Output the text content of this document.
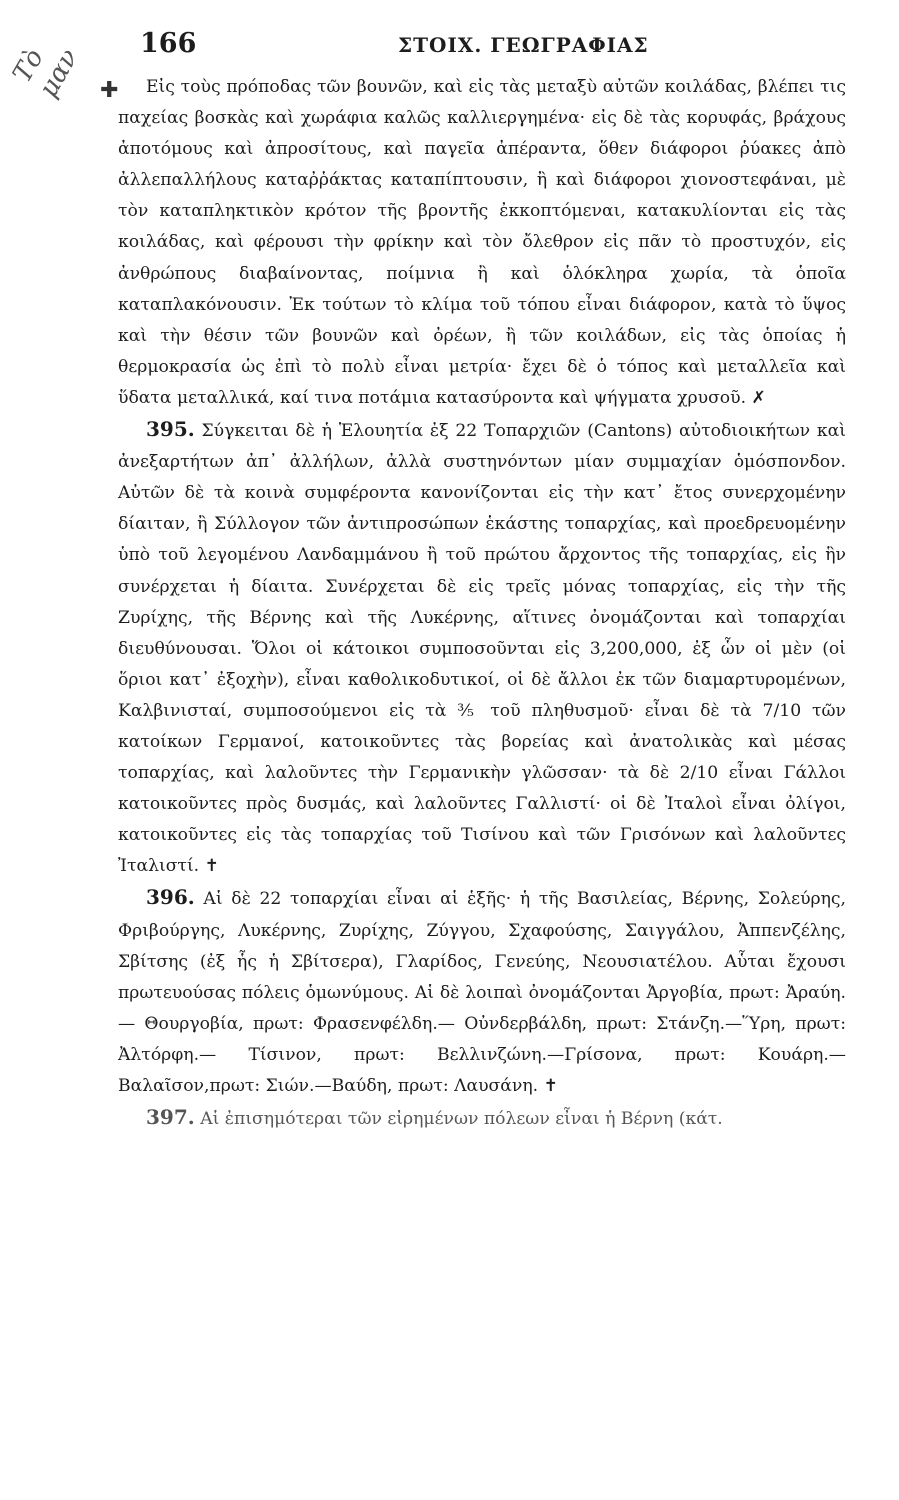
Τὸ μαν ✚
166	ΣΤΟΙΧ. ΓΕΩΓΡΑΦΙΑΣ

Εἰς τοὺς πρόποδας τῶν βουνῶν, καὶ εἰς τὰς μεταξὺ αὐτῶν κοιλάδας, βλέπει τις παχείας βοσκὰς καὶ χωράφια καλῶς καλλιεργημένα· εἰς δὲ τὰς κορυφάς, βράχους ἀποτόμους καὶ ἀπροσίτους, καὶ παγεῖα ἀπέραντα, ὅθεν διάφοροι ῥύακες ἀπὸ ἀλλεπαλλήλους καταῤῥάκτας καταπίπτουσιν, ἢ καὶ διάφοροι χιονοστεφάναι, μὲ τὸν καταπληκτικὸν κρότον τῆς βροντῆς ἐκκοπτόμεναι, κατακυλίονται εἰς τὰς κοιλάδας, καὶ φέρουσι τὴν φρίκην καὶ τὸν ὄλεθρον εἰς πᾶν τὸ προστυχόν, εἰς ἀνθρώπους διαβαίνοντας, ποίμνια ἢ καὶ ὁλόκληρα χωρία, τὰ ὁποῖα καταπλακόνουσιν. Ἐκ τούτων τὸ κλίμα τοῦ τόπου εἶναι διάφορον, κατὰ τὸ ὕψος καὶ τὴν θέσιν τῶν βουνῶν καὶ ὀρέων, ἢ τῶν κοιλάδων, εἰς τὰς ὁποίας ἡ θερμοκρασία ὡς ἐπὶ τὸ πολὺ εἶναι μετρία· ἔχει δὲ ὁ τόπος καὶ μεταλλεῖα καὶ ὕδατα μεταλλικά, καί τινα ποτάμια κατασύροντα καὶ ψήγματα χρυσοῦ. ✗

395. Σύγκειται δὲ ἡ Ἑλουητία ἐξ 22 Τοπαρχιῶν (Cantons) αὐτοδιοικήτων καὶ ἀνεξαρτήτων ἀπ᾽ ἀλλήλων, ἀλλὰ συστηνόντων μίαν συμμαχίαν ὁμόσπονδον. Αὐτῶν δὲ τὰ κοινὰ συμφέροντα κανονίζονται εἰς τὴν κατ᾽ ἔτος συνερχομένην δίαιταν, ἢ Σύλλογον τῶν ἀντιπροσώπων ἑκάστης τοπαρχίας, καὶ προεδρευομένην ὑπὸ τοῦ λεγομένου Λανδαμμάνου ἢ τοῦ πρώτου ἄρχοντος τῆς τοπαρχίας, εἰς ἣν συνέρχεται ἡ δίαιτα. Συνέρχεται δὲ εἰς τρεῖς μόνας τοπαρχίας, εἰς τὴν τῆς Ζυρίχης, τῆς Βέρνης καὶ τῆς Λυκέρνης, αἵτινες ὀνομάζονται καὶ τοπαρχίαι διευθύνουσαι. Ὅλοι οἱ κάτοικοι συμποσοῦνται εἰς 3,200,000, ἐξ ὧν οἱ μὲν (οἱ ὅριοι κατ᾽ ἐξοχὴν), εἶναι καθολικοδυτικοί, οἱ δὲ ἄλλοι ἐκ τῶν διαμαρτυρομένων, Καλβινισταί, συμποσούμενοι εἰς τὰ ⅗ τοῦ πληθυσμοῦ· εἶναι δὲ τὰ 7/10 τῶν κατοίκων Γερμανοί, κατοικοῦντες τὰς βορείας καὶ ἀνατολικὰς καὶ μέσας τοπαρχίας, καὶ λαλοῦντες τὴν Γερμανικὴν γλῶσσαν· τὰ δὲ 2/10 εἶναι Γάλλοι κατοικοῦντες πρὸς δυσμάς, καὶ λαλοῦντες Γαλλιστί· οἱ δὲ Ἰταλοὶ εἶναι ὀλίγοι, κατοικοῦντες εἰς τὰς τοπαρχίας τοῦ Τισίνου καὶ τῶν Γρισόνων καὶ λαλοῦντες Ἰταλιστί. ✝

396. Αἱ δὲ 22 τοπαρχίαι εἶναι αἱ ἑξῆς· ἡ τῆς Βασιλείας, Βέρνης, Σολεύρης, Φριβούργης, Λυκέρνης, Ζυρίχης, Ζύγγου, Σχαφούσης, Σαιγγάλου, Ἀππενζέλης, Σβίτσης (ἐξ ἧς ἡ Σβίτσερα), Γλαρίδος, Γενεύης, Νεουσιατέλου. Αὗται ἔχουσι πρωτευούσας πόλεις ὁμωνύμους. Αἱ δὲ λοιπαὶ ὀνομάζονται Ἀργοβία, πρωτ: Ἀραύη. — Θουργοβία, πρωτ: Φρασενφέλδη.— Οὐνδερβάλδη, πρωτ: Στάνζη.—Ὕρη, πρωτ: Ἀλτόρφη.— Τίσινον, πρωτ: Βελλινζώνη.—Γρίσονα, πρωτ: Κουάρη.—Βαλαῖσον,πρωτ: Σιών.—Βαύδη, πρωτ: Λαυσάνη. ✝

397. Αἱ ἐπισημότεραι τῶν εἰρημένων πόλεων εἶναι ἡ Βέρνη (κάτ.
